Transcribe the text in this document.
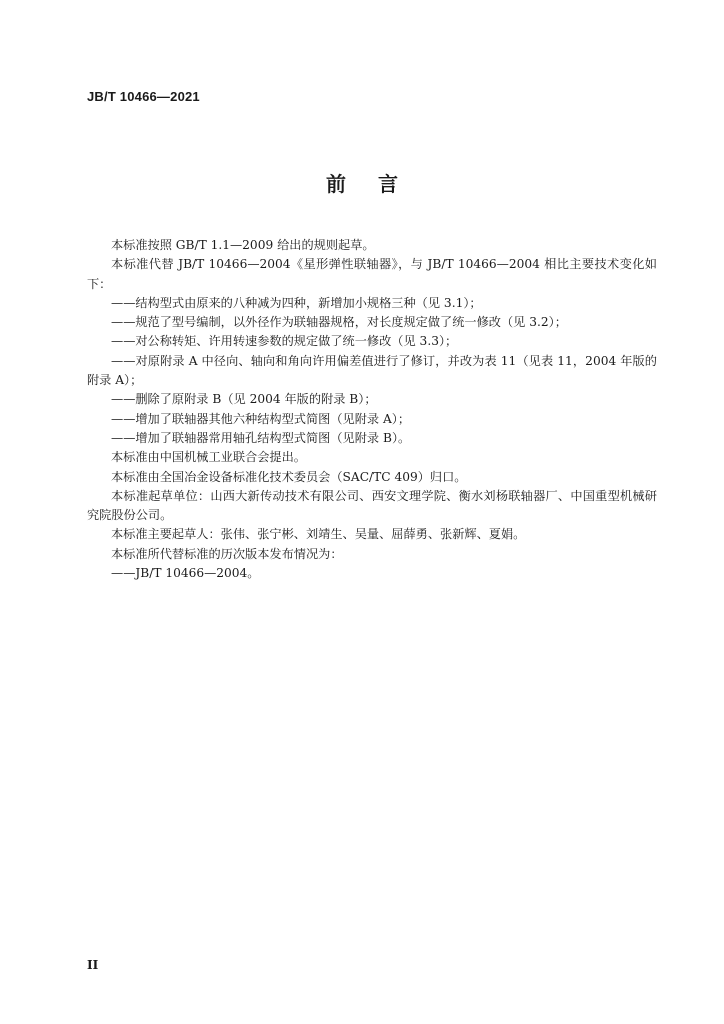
JB/T 10466—2021
前 言

本标准按照 GB/T 1.1—2009 给出的规则起草。

本标准代替 JB/T 10466—2004《星形弹性联轴器》，与 JB/T 10466—2004 相比主要技术变化如下：

——结构型式由原来的八种减为四种，新增加小规格三种（见 3.1）；

——规范了型号编制，以外径作为联轴器规格，对长度规定做了统一修改（见 3.2）；

——对公称转矩、许用转速参数的规定做了统一修改（见 3.3）；

——对原附录 A 中径向、轴向和角向许用偏差值进行了修订，并改为表 11（见表 11，2004 年版的附录 A）；

——删除了原附录 B（见 2004 年版的附录 B）；

——增加了联轴器其他六种结构型式简图（见附录 A）；

——增加了联轴器常用轴孔结构型式简图（见附录 B）。

本标准由中国机械工业联合会提出。

本标准由全国冶金设备标准化技术委员会（SAC/TC 409）归口。

本标准起草单位：山西大新传动技术有限公司、西安文理学院、衡水刘杨联轴器厂、中国重型机械研究院股份公司。

本标准主要起草人：张伟、张宁彬、刘靖生、吴量、屈薛勇、张新辉、夏娟。

本标准所代替标准的历次版本发布情况为：

——JB/T 10466—2004。

II
